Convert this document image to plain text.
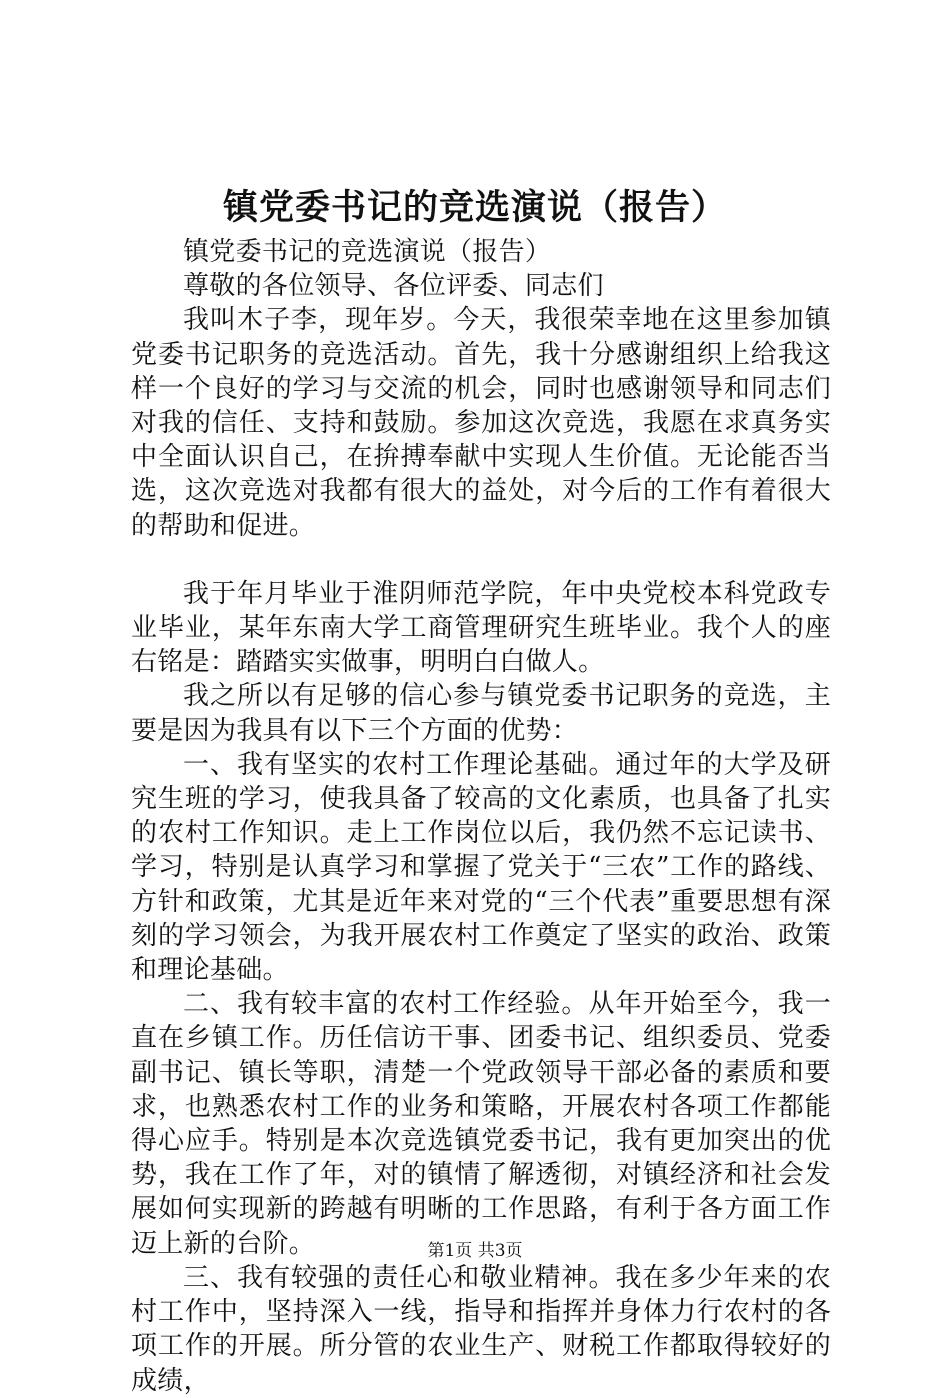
镇党委书记的竞选演说（报告）

镇党委书记的竞选演说（报告）

尊敬的各位领导、各位评委、同志们

我叫木子李，现年岁。今天，我很荣幸地在这里参加镇党委书记职务的竞选活动。首先，我十分感谢组织上给我这样一个良好的学习与交流的机会，同时也感谢领导和同志们对我的信任、支持和鼓励。参加这次竞选，我愿在求真务实中全面认识自己，在拚搏奉献中实现人生价值。无论能否当选，这次竞选对我都有很大的益处，对今后的工作有着很大的帮助和促进。

我于年月毕业于淮阴师范学院，年中央党校本科党政专业毕业，某年东南大学工商管理研究生班毕业。我个人的座右铭是：踏踏实实做事，明明白白做人。

我之所以有足够的信心参与镇党委书记职务的竞选，主要是因为我具有以下三个方面的优势：

一、我有坚实的农村工作理论基础。通过年的大学及研究生班的学习，使我具备了较高的文化素质，也具备了扎实的农村工作知识。走上工作岗位以后，我仍然不忘记读书、学习，特别是认真学习和掌握了党关于“三农”工作的路线、方针和政策，尤其是近年来对党的“三个代表”重要思想有深刻的学习领会，为我开展农村工作奠定了坚实的政治、政策和理论基础。

二、我有较丰富的农村工作经验。从年开始至今，我一直在乡镇工作。历任信访干事、团委书记、组织委员、党委副书记、镇长等职，清楚一个党政领导干部必备的素质和要求，也熟悉农村工作的业务和策略，开展农村各项工作都能得心应手。特别是本次竞选镇党委书记，我有更加突出的优势，我在工作了年，对的镇情了解透彻，对镇经济和社会发展如何实现新的跨越有明晰的工作思路，有利于各方面工作迈上新的台阶。

三、我有较强的责任心和敬业精神。我在多少年来的农村工作中，坚持深入一线，指导和指挥并身体力行农村的各项工作的开展。所分管的农业生产、财税工作都取得较好的成绩，

第1页 共3页
